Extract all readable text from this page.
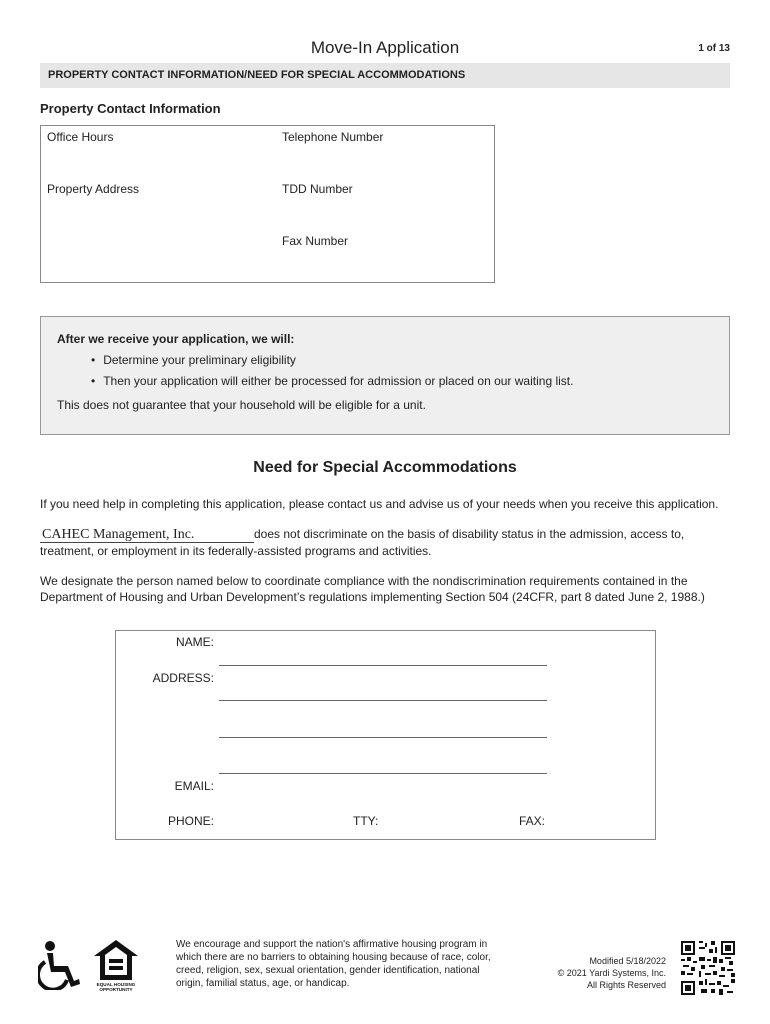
Move-In Application	1 of 13
PROPERTY CONTACT INFORMATION/NEED FOR SPECIAL ACCOMMODATIONS
Property Contact Information
Office Hours	Telephone Number
Property Address	TDD Number
Fax Number
After we receive your application, we will:
• Determine your preliminary eligibility
• Then your application will either be processed for admission or placed on our waiting list.
This does not guarantee that your household will be eligible for a unit.
Need for Special Accommodations
If you need help in completing this application, please contact us and advise us of your needs when you receive this application.
CAHEC Management, Inc.	does not discriminate on the basis of disability status in the admission, access to,
treatment, or employment in its federally-assisted programs and activities.
We designate the person named below to coordinate compliance with the nondiscrimination requirements contained in the Department of Housing and Urban Development’s regulations implementing Section 504 (24CFR, part 8 dated June 2, 1988.)
NAME:
ADDRESS:
EMAIL:
PHONE:	TTY:	FAX:
EQUAL HOUSING
OPPORTUNITY
We encourage and support the nation's affirmative housing program in which there are no barriers to obtaining housing because of race, color, creed, religion, sex, sexual orientation, gender identification, national origin, familial status, age, or handicap.
Modified 5/18/2022
© 2021 Yardi Systems, Inc.
All Rights Reserved
